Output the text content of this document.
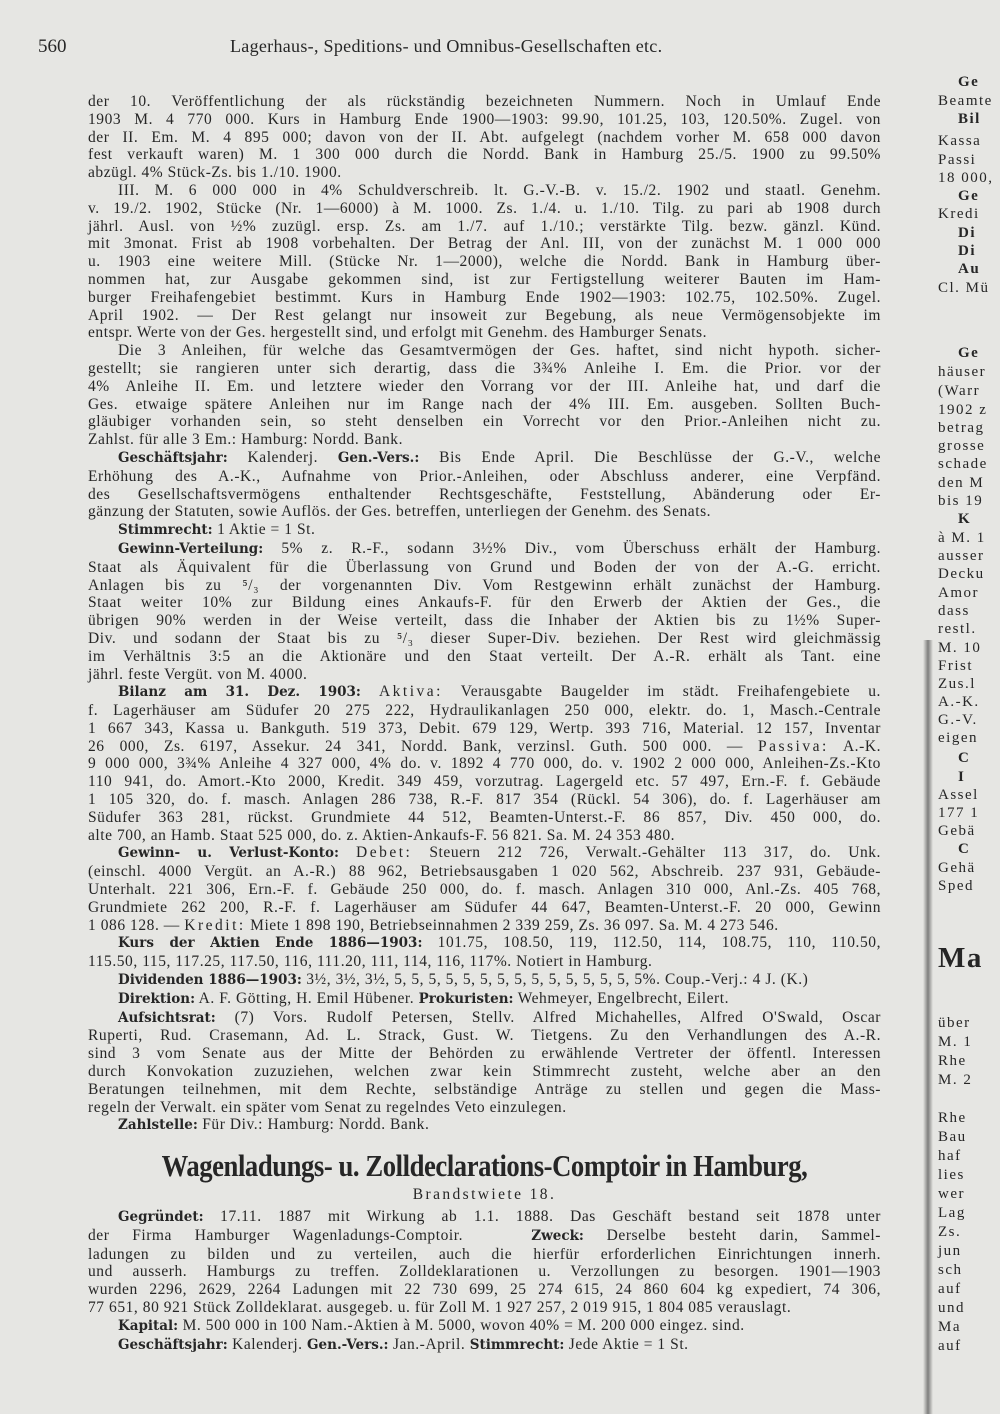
560	Lagerhaus-, Speditions- und Omnibus-Gesellschaften etc.
der 10. Veröffentlichung der als rückständig bezeichneten Nummern. Noch in Umlauf Ende
1903 M. 4 770 000. Kurs in Hamburg Ende 1900—1903: 99.90, 101.25, 103, 120.50%. Zugel. von
der II. Em. M. 4 895 000; davon von der II. Abt. aufgelegt (nachdem vorher M. 658 000 davon
fest verkauft waren) M. 1 300 000 durch die Nordd. Bank in Hamburg 25./5. 1900 zu 99.50%
abzügl. 4% Stück-Zs. bis 1./10. 1900.
III. M. 6 000 000 in 4% Schuldverschreib. lt. G.-V.-B. v. 15./2. 1902 und staatl. Genehm.
v. 19./2. 1902, Stücke (Nr. 1—6000) à M. 1000. Zs. 1./4. u. 1./10. Tilg. zu pari ab 1908 durch
jährl. Ausl. von ½% zuzügl. ersp. Zs. am 1./7. auf 1./10.; verstärkte Tilg. bezw. gänzl. Künd.
mit 3monat. Frist ab 1908 vorbehalten. Der Betrag der Anl. III, von der zunächst M. 1 000 000
u. 1903 eine weitere Mill. (Stücke Nr. 1—2000), welche die Nordd. Bank in Hamburg über-
nommen hat, zur Ausgabe gekommen sind, ist zur Fertigstellung weiterer Bauten im Ham-
burger Freihafengebiet bestimmt. Kurs in Hamburg Ende 1902—1903: 102.75, 102.50%. Zugel.
April 1902. — Der Rest gelangt nur insoweit zur Begebung, als neue Vermögensobjekte im
entspr. Werte von der Ges. hergestellt sind, und erfolgt mit Genehm. des Hamburger Senats.
Die 3 Anleihen, für welche das Gesamtvermögen der Ges. haftet, sind nicht hypoth. sicher-
gestellt; sie rangieren unter sich derartig, dass die 3¾% Anleihe I. Em. die Prior. vor der
4% Anleihe II. Em. und letztere wieder den Vorrang vor der III. Anleihe hat, und darf die
Ges. etwaige spätere Anleihen nur im Range nach der 4% III. Em. ausgeben. Sollten Buch-
gläubiger vorhanden sein, so steht denselben ein Vorrecht vor den Prior.-Anleihen nicht zu.
Zahlst. für alle 3 Em.: Hamburg: Nordd. Bank.
Geschäftsjahr: Kalenderj. Gen.-Vers.: Bis Ende April. Die Beschlüsse der G.-V., welche
Erhöhung des A.-K., Aufnahme von Prior.-Anleihen, oder Abschluss anderer, eine Verpfänd.
des Gesellschaftsvermögens enthaltender Rechtsgeschäfte, Feststellung, Abänderung oder Er-
gänzung der Statuten, sowie Auflös. der Ges. betreffen, unterliegen der Genehm. des Senats.
Stimmrecht: 1 Aktie = 1 St.
Gewinn-Verteilung: 5% z. R.-F., sodann 3½% Div., vom Überschuss erhält der Hamburg.
Staat als Äquivalent für die Überlassung von Grund und Boden der von der A.-G. erricht.
Anlagen bis zu ⁵/₃ der vorgenannten Div. Vom Restgewinn erhält zunächst der Hamburg.
Staat weiter 10% zur Bildung eines Ankaufs-F. für den Erwerb der Aktien der Ges., die
übrigen 90% werden in der Weise verteilt, dass die Inhaber der Aktien bis zu 1½% Super-
Div. und sodann der Staat bis zu ⁵/₃ dieser Super-Div. beziehen. Der Rest wird gleichmässig
im Verhältnis 3:5 an die Aktionäre und den Staat verteilt. Der A.-R. erhält als Tant. eine
jährl. feste Vergüt. von M. 4000.
Bilanz am 31. Dez. 1903: Aktiva: Verausgabte Baugelder im städt. Freihafengebiete u.
f. Lagerhäuser am Südufer 20 275 222, Hydraulikanlagen 250 000, elektr. do. 1, Masch.-Centrale
1 667 343, Kassa u. Bankguth. 519 373, Debit. 679 129, Wertp. 393 716, Material. 12 157, Inventar
26 000, Zs. 6197, Assekur. 24 341, Nordd. Bank, verzinsl. Guth. 500 000. — Passiva: A.-K.
9 000 000, 3¾% Anleihe 4 327 000, 4% do. v. 1892 4 770 000, do. v. 1902 2 000 000, Anleihen-Zs.-Kto
110 941, do. Amort.-Kto 2000, Kredit. 349 459, vorzutrag. Lagergeld etc. 57 497, Ern.-F. f. Gebäude
1 105 320, do. f. masch. Anlagen 286 738, R.-F. 817 354 (Rückl. 54 306), do. f. Lagerhäuser am
Südufer 363 281, rückst. Grundmiete 44 512, Beamten-Unterst.-F. 86 857, Div. 450 000, do.
alte 700, an Hamb. Staat 525 000, do. z. Aktien-Ankaufs-F. 56 821. Sa. M. 24 353 480.
Gewinn- u. Verlust-Konto: Debet: Steuern 212 726, Verwalt.-Gehälter 113 317, do. Unk.
(einschl. 4000 Vergüt. an A.-R.) 88 962, Betriebsausgaben 1 020 562, Abschreib. 237 931, Gebäude-
Unterhalt. 221 306, Ern.-F. f. Gebäude 250 000, do. f. masch. Anlagen 310 000, Anl.-Zs. 405 768,
Grundmiete 262 200, R.-F. f. Lagerhäuser am Südufer 44 647, Beamten-Unterst.-F. 20 000, Gewinn
1 086 128. — Kredit: Miete 1 898 190, Betriebseinnahmen 2 339 259, Zs. 36 097. Sa. M. 4 273 546.
Kurs der Aktien Ende 1886—1903: 101.75, 108.50, 119, 112.50, 114, 108.75, 110, 110.50,
115.50, 115, 117.25, 117.50, 116, 111.20, 111, 114, 116, 117%. Notiert in Hamburg.
Dividenden 1886—1903: 3½, 3½, 3½, 5, 5, 5, 5, 5, 5, 5, 5, 5, 5, 5, 5, 5, 5, 5%. Coup.-Verj.: 4 J. (K.)
Direktion: A. F. Götting, H. Emil Hübener. Prokuristen: Wehmeyer, Engelbrecht, Eilert.
Aufsichtsrat: (7) Vors. Rudolf Petersen, Stellv. Alfred Michahelles, Alfred O'Swald, Oscar
Ruperti, Rud. Crasemann, Ad. L. Strack, Gust. W. Tietgens. Zu den Verhandlungen des A.-R.
sind 3 vom Senate aus der Mitte der Behörden zu erwählende Vertreter der öffentl. Interessen
durch Konvokation zuzuziehen, welchen zwar kein Stimmrecht zusteht, welche aber an den
Beratungen teilnehmen, mit dem Rechte, selbständige Anträge zu stellen und gegen die Mass-
regeln der Verwalt. ein später vom Senat zu regelndes Veto einzulegen.
Zahlstelle: Für Div.: Hamburg: Nordd. Bank.
Wagenladungs- u. Zolldeclarations-Comptoir in Hamburg,
Brandstwiete 18.
Gegründet: 17.11. 1887 mit Wirkung ab 1.1. 1888. Das Geschäft bestand seit 1878 unter
der Firma Hamburger Wagenladungs-Comptoir.   Zweck: Derselbe besteht darin, Sammel-
ladungen zu bilden und zu verteilen, auch die hierfür erforderlichen Einrichtungen innerh.
und ausserh. Hamburgs zu treffen. Zolldeklarationen u. Verzollungen zu besorgen. 1901—1903
wurden 2296, 2629, 2264 Ladungen mit 22 730 699, 25 274 615, 24 860 604 kg expediert, 74 306,
77 651, 80 921 Stück Zolldeklarat. ausgegeb. u. für Zoll M. 1 927 257, 2 019 915, 1 804 085 verauslagt.
Kapital: M. 500 000 in 100 Nam.-Aktien à M. 5000, wovon 40% = M. 200 000 eingez. sind.
Geschäftsjahr: Kalenderj. Gen.-Vers.: Jan.-April. Stimmrecht: Jede Aktie = 1 St.
Ge
Beamte
Bil
Kassa
Passi
18 000,
Ge
Kredi
Di
Di
Au
Cl. Mü
Ge
häuser
(Warr
1902 z
betrag
grosse
schade
den M
bis 19
K
à M. 1
ausser
Decku
Amor
dass
restl.
M. 10
Frist
Zus.l
A.-K.
G.-V.
eigen
C
I
Assel
177 1
Gebä
C
Gehä
Sped
Ma
über
M. 1
Rhe
M. 2
Rhe
Bau
haf
lies
wer
Lag
Zs.
jun
sch
auf
und
Ma
auf
